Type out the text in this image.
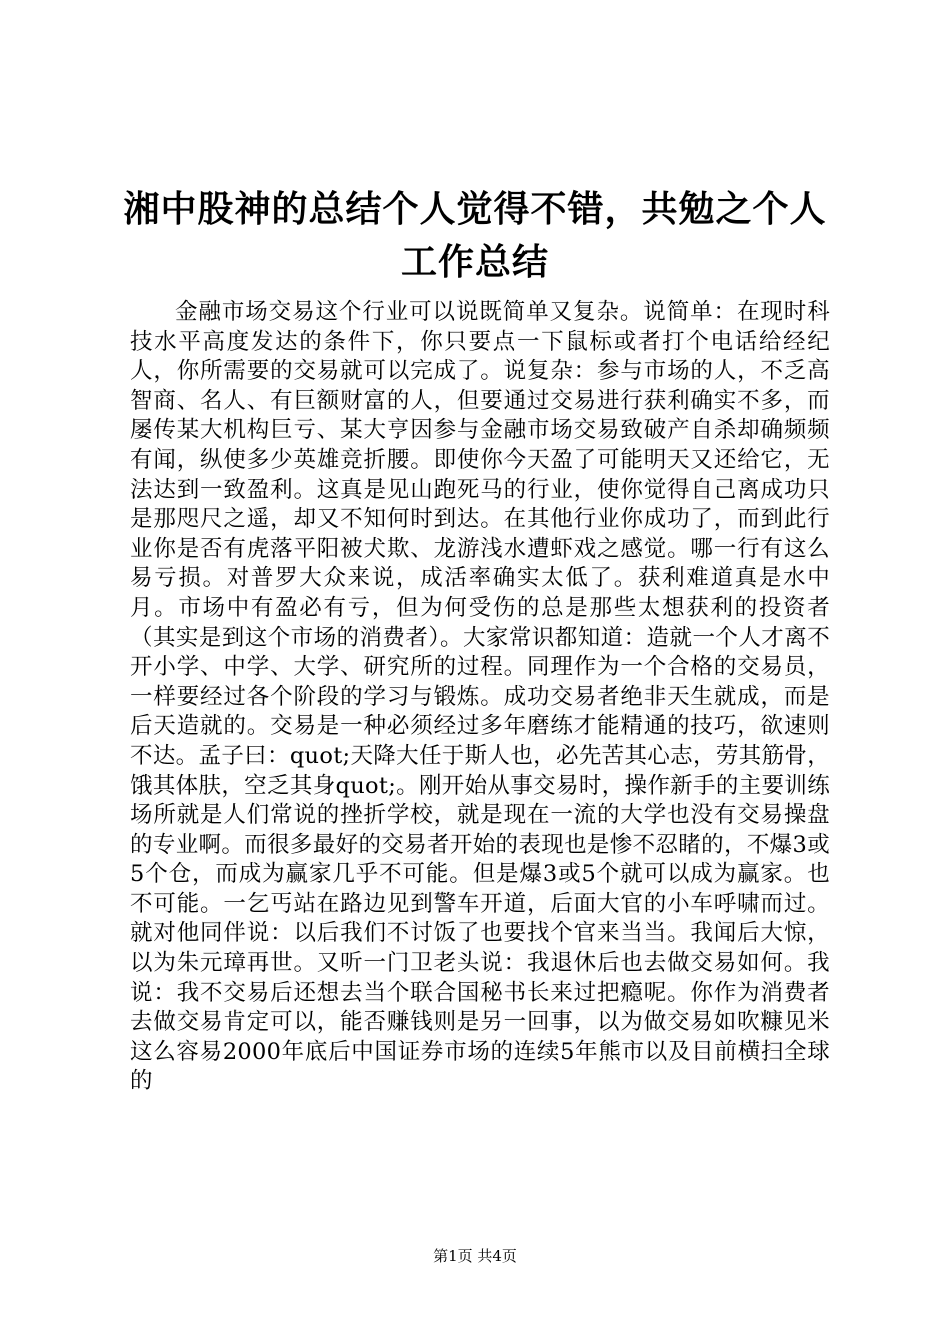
湘中股神的总结个人觉得不错，共勉之个人工作总结

金融市场交易这个行业可以说既简单又复杂。说简单：在现时科技水平高度发达的条件下，你只要点一下鼠标或者打个电话给经纪人，你所需要的交易就可以完成了。说复杂：参与市场的人，不乏高智商、名人、有巨额财富的人，但要通过交易进行获利确实不多，而屡传某大机构巨亏、某大亨因参与金融市场交易致破产自杀却确频频有闻，纵使多少英雄竞折腰。即使你今天盈了可能明天又还给它，无法达到一致盈利。这真是见山跑死马的行业，使你觉得自己离成功只是那咫尺之遥，却又不知何时到达。在其他行业你成功了，而到此行业你是否有虎落平阳被犬欺、龙游浅水遭虾戏之感觉。哪一行有这么易亏损。对普罗大众来说，成活率确实太低了。获利难道真是水中月。市场中有盈必有亏，但为何受伤的总是那些太想获利的投资者（其实是到这个市场的消费者）。大家常识都知道：造就一个人才离不开小学、中学、大学、研究所的过程。同理作为一个合格的交易员，一样要经过各个阶段的学习与锻炼。成功交易者绝非天生就成，而是后天造就的。交易是一种必须经过多年磨练才能精通的技巧，欲速则不达。孟子曰：quot;天降大任于斯人也，必先苦其心志，劳其筋骨，饿其体肤，空乏其身quot;。刚开始从事交易时，操作新手的主要训练场所就是人们常说的挫折学校，就是现在一流的大学也没有交易操盘的专业啊。而很多最好的交易者开始的表现也是惨不忍睹的，不爆3或5个仓，而成为赢家几乎不可能。但是爆3或5个就可以成为赢家。也不可能。一乞丐站在路边见到警车开道，后面大官的小车呼啸而过。就对他同伴说：以后我们不讨饭了也要找个官来当当。我闻后大惊，以为朱元璋再世。又听一门卫老头说：我退休后也去做交易如何。我说：我不交易后还想去当个联合国秘书长来过把瘾呢。你作为消费者去做交易肯定可以，能否赚钱则是另一回事，以为做交易如吹糠见米这么容易2000年底后中国证券市场的连续5年熊市以及目前横扫全球的

第1页 共4页
